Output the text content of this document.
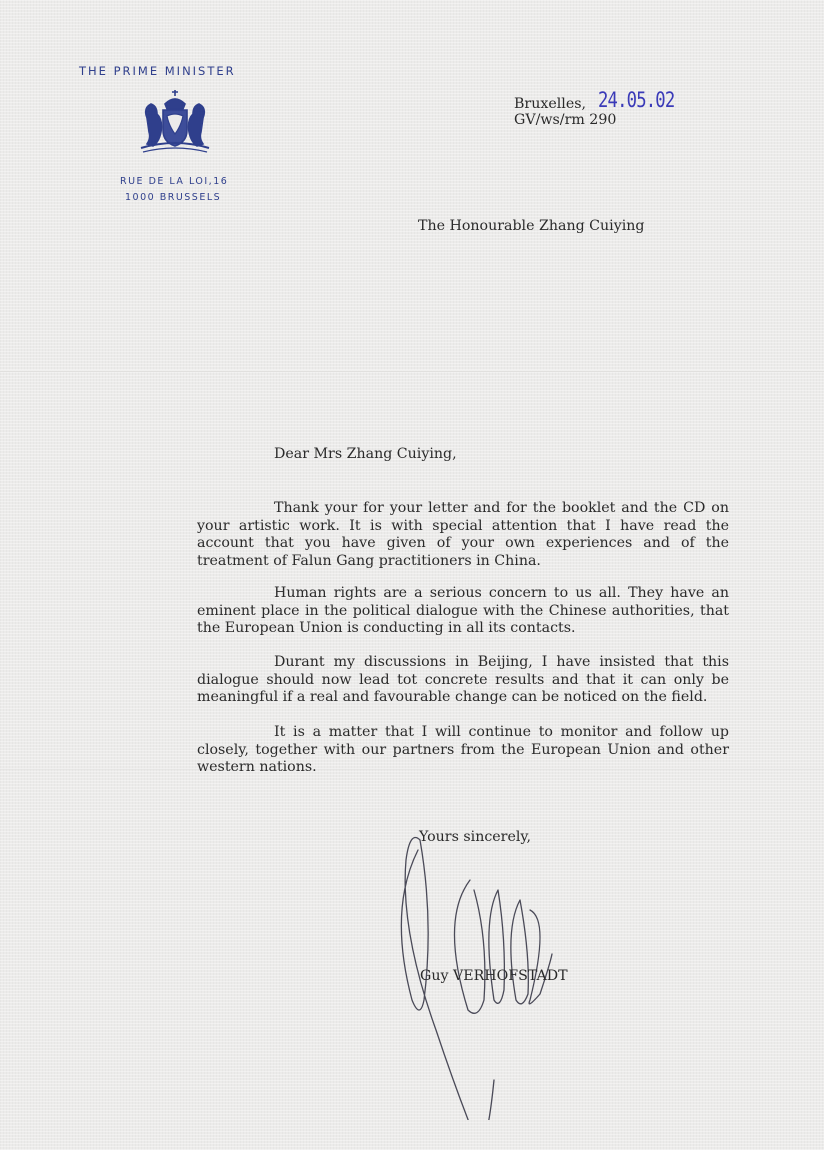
THE PRIME MINISTER
RUE DE LA LOI,16
1000 BRUSSELS
Bruxelles, 24.05.02
GV/ws/rm 290
The Honourable Zhang Cuiying
Dear Mrs Zhang Cuiying,
Thank your for your letter and for the booklet and the CD on your artistic work. It is with special attention that I have read the account that you have given of your own experiences and of the treatment of Falun Gang practitioners in China.
Human rights are a serious concern to us all. They have an eminent place in the political dialogue with the Chinese authorities, that the European Union is conducting in all its contacts.
Durant my discussions in Beijing, I have insisted that this dialogue should now lead tot concrete results and that it can only be meaningful if a real and favourable change can be noticed on the field.
It is a matter that I will continue to monitor and follow up closely, together with our partners from the European Union and other western nations.
Yours sincerely,
Guy VERHOFSTADT
